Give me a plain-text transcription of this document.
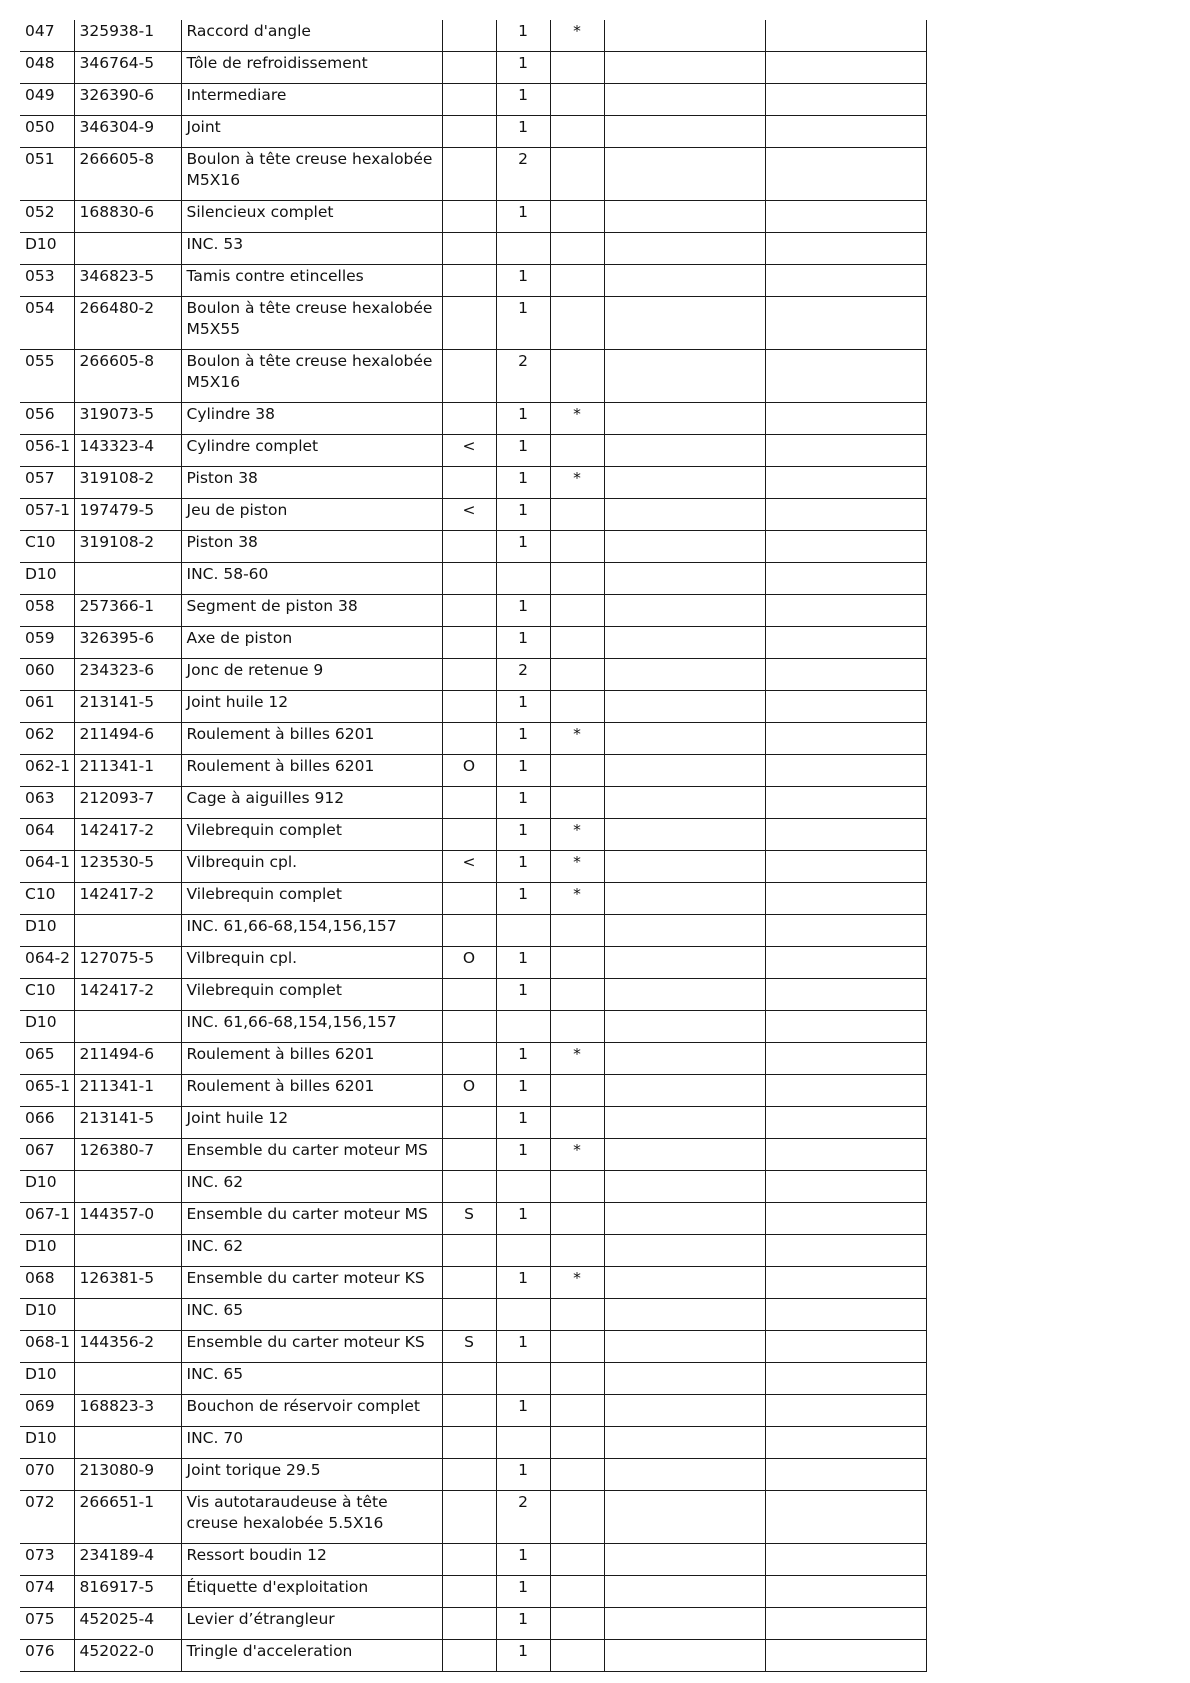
047	325938-1	Raccord d'angle		1	*		
048	346764-5	Tôle de refroidissement		1			
049	326390-6	Intermediare		1			
050	346304-9	Joint		1			
051	266605-8	Boulon à tête creuse hexalobée M5X16		2			
052	168830-6	Silencieux complet		1			
D10		INC. 53					
053	346823-5	Tamis contre etincelles		1			
054	266480-2	Boulon à tête creuse hexalobée M5X55		1			
055	266605-8	Boulon à tête creuse hexalobée M5X16		2			
056	319073-5	Cylindre 38		1	*		
056-1	143323-4	Cylindre complet	<	1			
057	319108-2	Piston 38		1	*		
057-1	197479-5	Jeu de piston	<	1			
C10	319108-2	Piston 38		1			
D10		INC. 58-60					
058	257366-1	Segment de piston 38		1			
059	326395-6	Axe de piston		1			
060	234323-6	Jonc de retenue 9		2			
061	213141-5	Joint huile 12		1			
062	211494-6	Roulement à billes 6201		1	*		
062-1	211341-1	Roulement à billes 6201	O	1			
063	212093-7	Cage à aiguilles 912		1			
064	142417-2	Vilebrequin complet		1	*		
064-1	123530-5	Vilbrequin cpl.	<	1	*		
C10	142417-2	Vilebrequin complet		1	*		
D10		INC. 61,66-68,154,156,157					
064-2	127075-5	Vilbrequin cpl.	O	1			
C10	142417-2	Vilebrequin complet		1			
D10		INC. 61,66-68,154,156,157					
065	211494-6	Roulement à billes 6201		1	*		
065-1	211341-1	Roulement à billes 6201	O	1			
066	213141-5	Joint huile 12		1			
067	126380-7	Ensemble du carter moteur MS		1	*		
D10		INC. 62					
067-1	144357-0	Ensemble du carter moteur MS	S	1			
D10		INC. 62					
068	126381-5	Ensemble du carter moteur KS		1	*		
D10		INC. 65					
068-1	144356-2	Ensemble du carter moteur KS	S	1			
D10		INC. 65					
069	168823-3	Bouchon de réservoir complet		1			
D10		INC. 70					
070	213080-9	Joint torique 29.5		1			
072	266651-1	Vis autotaraudeuse à tête creuse hexalobée 5.5X16		2			
073	234189-4	Ressort boudin 12		1			
074	816917-5	Étiquette d'exploitation		1			
075	452025-4	Levier d’étrangleur		1			
076	452022-0	Tringle d'acceleration		1			
